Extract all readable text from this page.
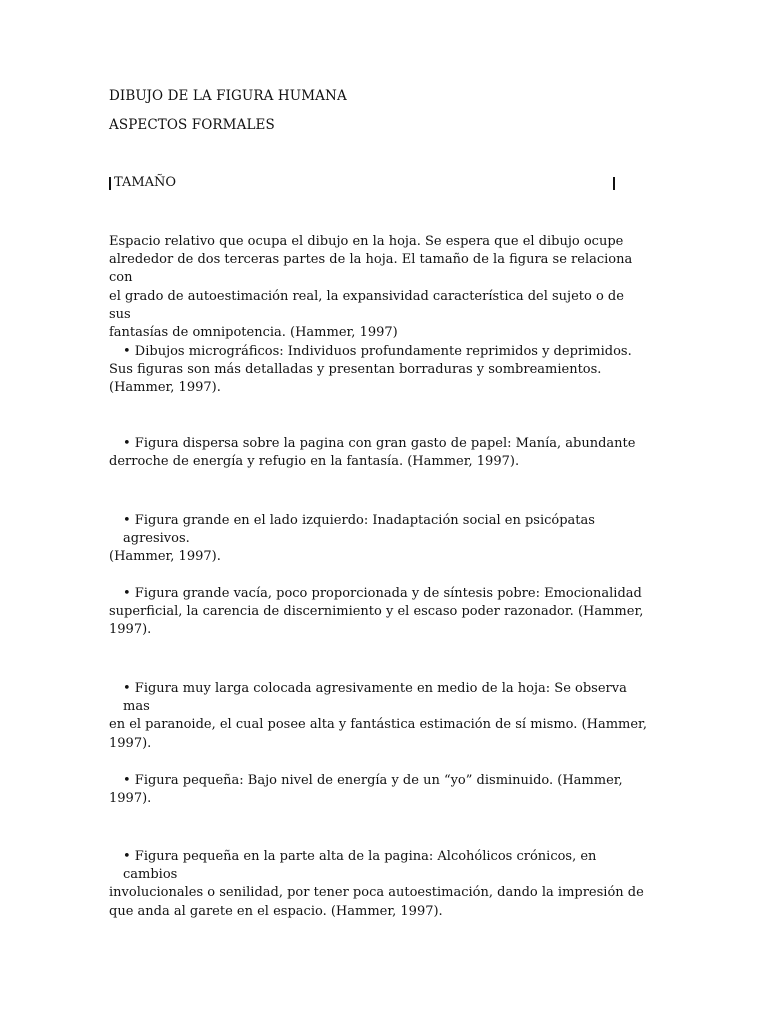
DIBUJO DE LA FIGURA HUMANA
ASPECTOS FORMALES
TAMAÑO
Espacio relativo que ocupa el dibujo en la hoja. Se espera que el dibujo ocupe
alrededor de dos terceras partes de la hoja. El tamaño de la figura se relaciona con
el grado de autoestimación real, la expansividad característica del sujeto o de sus
fantasías de omnipotencia. (Hammer, 1997)
• Dibujos micrográficos: Individuos profundamente reprimidos y deprimidos.
Sus figuras son más detalladas y presentan borraduras y sombreamientos.
(Hammer, 1997).
• Figura dispersa sobre la pagina con gran gasto de papel: Manía, abundante
derroche de energía y refugio en la fantasía. (Hammer, 1997).
• Figura grande en el lado izquierdo: Inadaptación social en psicópatas agresivos.
(Hammer, 1997).
• Figura grande vacía, poco proporcionada y de síntesis pobre: Emocionalidad
superficial, la carencia de discernimiento y el escaso poder razonador. (Hammer,
1997).
• Figura muy larga colocada agresivamente en medio de la hoja: Se observa mas
en el paranoide, el cual posee alta y fantástica estimación de sí mismo. (Hammer,
1997).
• Figura pequeña: Bajo nivel de energía y de un “yo” disminuido. (Hammer,
1997).
• Figura pequeña en la parte alta de la pagina: Alcohólicos crónicos, en cambios
involucionales o senilidad, por tener poca autoestimación, dando la impresión de
que anda al garete en el espacio. (Hammer, 1997).
